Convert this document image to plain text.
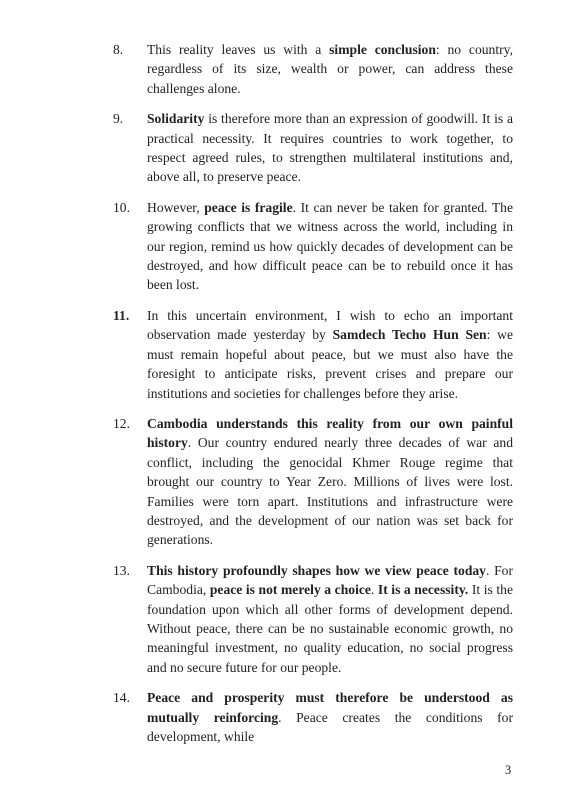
8.	This reality leaves us with a simple conclusion: no country, regardless of its size, wealth or power, can address these challenges alone.
9.	Solidarity is therefore more than an expression of goodwill. It is a practical necessity. It requires countries to work together, to respect agreed rules, to strengthen multilateral institutions and, above all, to preserve peace.
10.	However, peace is fragile. It can never be taken for granted. The growing conflicts that we witness across the world, including in our region, remind us how quickly decades of development can be destroyed, and how difficult peace can be to rebuild once it has been lost.
11.	In this uncertain environment, I wish to echo an important observation made yesterday by Samdech Techo Hun Sen: we must remain hopeful about peace, but we must also have the foresight to anticipate risks, prevent crises and prepare our institutions and societies for challenges before they arise.
12.	Cambodia understands this reality from our own painful history. Our country endured nearly three decades of war and conflict, including the genocidal Khmer Rouge regime that brought our country to Year Zero. Millions of lives were lost. Families were torn apart. Institutions and infrastructure were destroyed, and the development of our nation was set back for generations.
13.	This history profoundly shapes how we view peace today. For Cambodia, peace is not merely a choice. It is a necessity. It is the foundation upon which all other forms of development depend. Without peace, there can be no sustainable economic growth, no meaningful investment, no quality education, no social progress and no secure future for our people.
14.	Peace and prosperity must therefore be understood as mutually reinforcing. Peace creates the conditions for development, while
3
